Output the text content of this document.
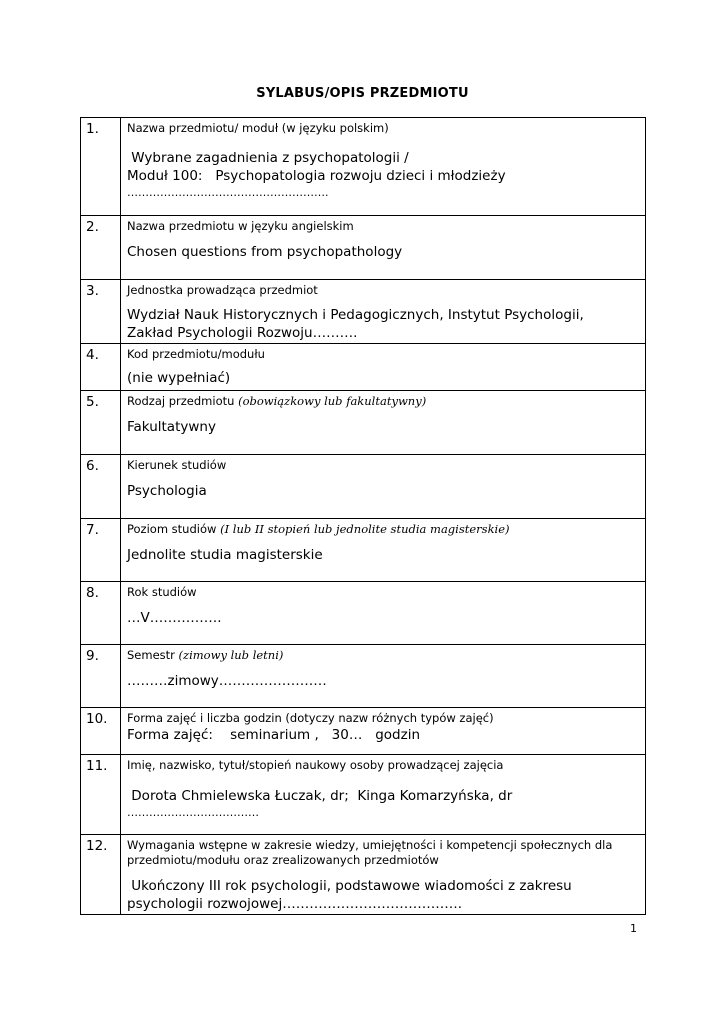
SYLABUS/OPIS PRZEDMIOTU
1.	Nazwa przedmiotu/ moduł (w języku polskim)
Wybrane zagadnienia z psychopatologii /
Moduł 100:   Psychopatologia rozwoju dzieci i młodzieży
……………………………………………….

2.	Nazwa przedmiotu w języku angielskim
Chosen questions from psychopathology

3.	Jednostka prowadząca przedmiot
Wydział Nauk Historycznych i Pedagogicznych, Instytut Psychologii,
Zakład Psychologii Rozwoju……….

4.	Kod przedmiotu/modułu
(nie wypełniać)

5.	Rodzaj przedmiotu (obowiązkowy lub fakultatywny)
Fakultatywny

6.	Kierunek studiów
Psychologia

7.	Poziom studiów (I lub II stopień lub jednolite studia magisterskie)
Jednolite studia magisterskie

8.	Rok studiów
…V…………….

9.	Semestr (zimowy lub letni)
………zimowy……………………

10.	Forma zajęć i liczba godzin (dotyczy nazw różnych typów zajęć)
Forma zajęć:    seminarium ,   30…   godzin

11.	Imię, nazwisko, tytuł/stopień naukowy osoby prowadzącej zajęcia
Dorota Chmielewska Łuczak, dr;  Kinga Komarzyńska, dr
………………………………

12.	Wymagania wstępne w zakresie wiedzy, umiejętności i kompetencji społecznych dla przedmiotu/modułu oraz zrealizowanych przedmiotów
Ukończony III rok psychologii, podstawowe wiadomości z zakresu
psychologii rozwojowej………………………………….
1
